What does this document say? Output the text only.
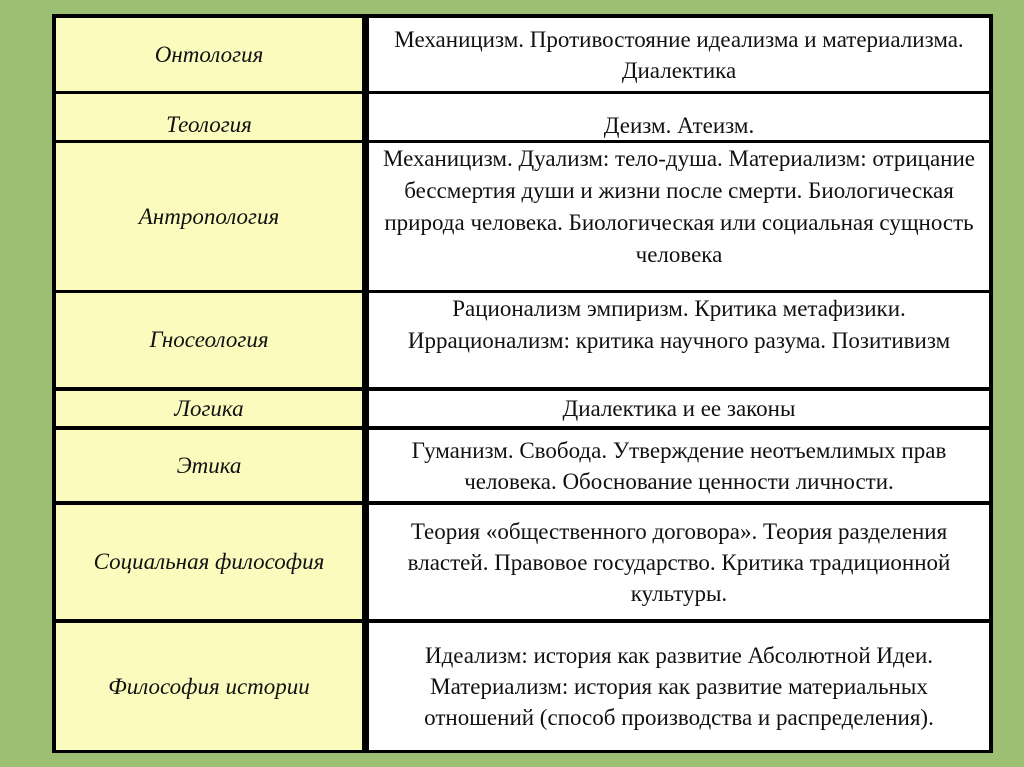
Онтология
Механицизм. Противостояние идеализма и материализма. Диалектика
Теология	Деизм. Атеизм.
Антропология
Механицизм. Дуализм: тело-душа. Материализм: отрицание бессмертия души и жизни после смерти. Биологическая природа человека. Биологическая или социальная сущность человека
Гносеология
Рационализм эмпиризм. Критика метафизики. Иррационализм: критика научного разума. Позитивизм
Логика	Диалектика и ее законы
Этика
Гуманизм. Свобода. Утверждение неотъемлимых прав человека. Обоснование ценности личности.
Социальная философия
Теория «общественного договора». Теория разделения властей. Правовое государство. Критика традиционной культуры.
Философия истории
Идеализм: история как развитие Абсолютной Идеи. Материализм: история как развитие материальных отношений (способ производства и распределения).
